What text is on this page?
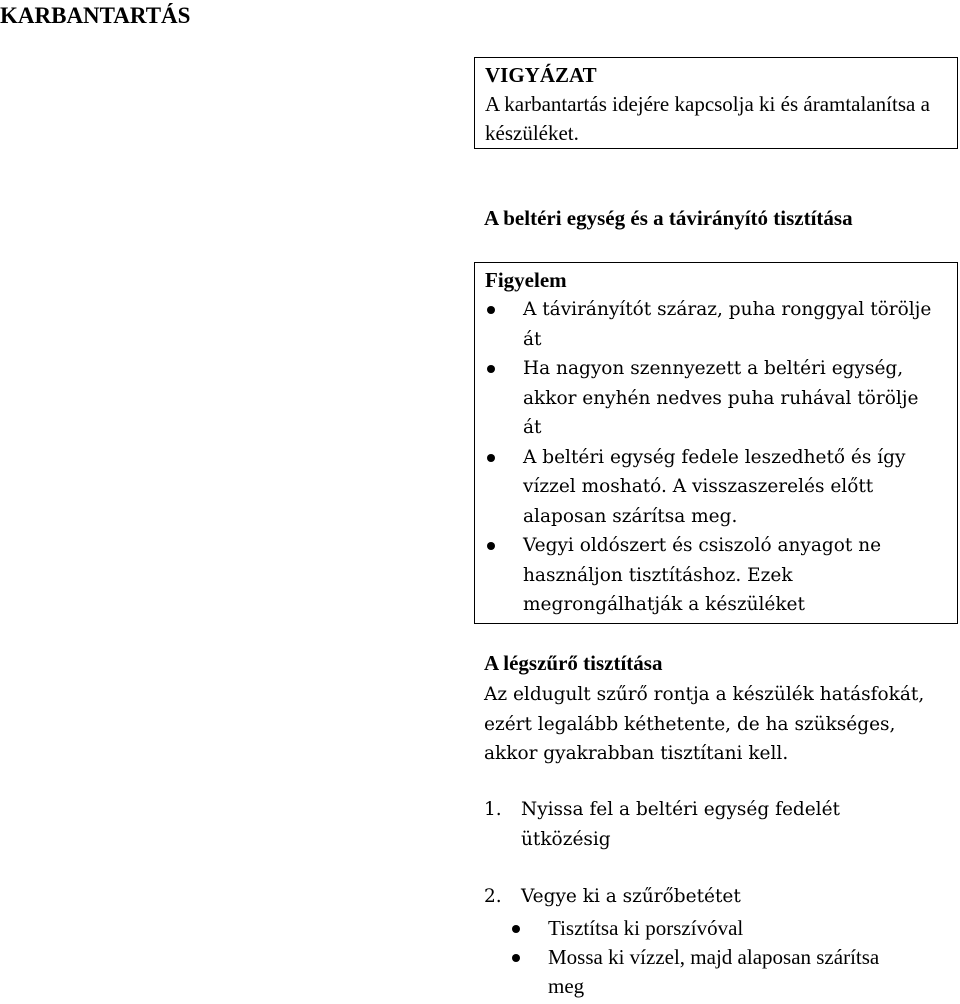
KARBANTARTÁS
VIGYÁZAT
A karbantartás idejére kapcsolja ki és áramtalanítsa a készüléket.
A beltéri egység és a távirányító tisztítása
Figyelem
A távirányítót száraz, puha ronggyal törölje át
Ha nagyon szennyezett a beltéri egység, akkor enyhén nedves puha ruhával törölje át
A beltéri egység fedele leszedhető és így vízzel mosható. A visszaszerelés előtt alaposan szárítsa meg.
Vegyi oldószert és csiszoló anyagot ne használjon tisztításhoz. Ezek megrongálhatják a készüléket
A légszűrő tisztítása

Az eldugult szűrő rontja a készülék hatásfokát, ezért legalább kéthetente, de ha szükséges, akkor gyakrabban tisztítani kell.

1.	Nyissa fel a beltéri egység fedelét ütközésig
2.	Vegye ki a szűrőbetétet
Tisztítsa ki porszívóval
Mossa ki vízzel, majd alaposan szárítsa meg
